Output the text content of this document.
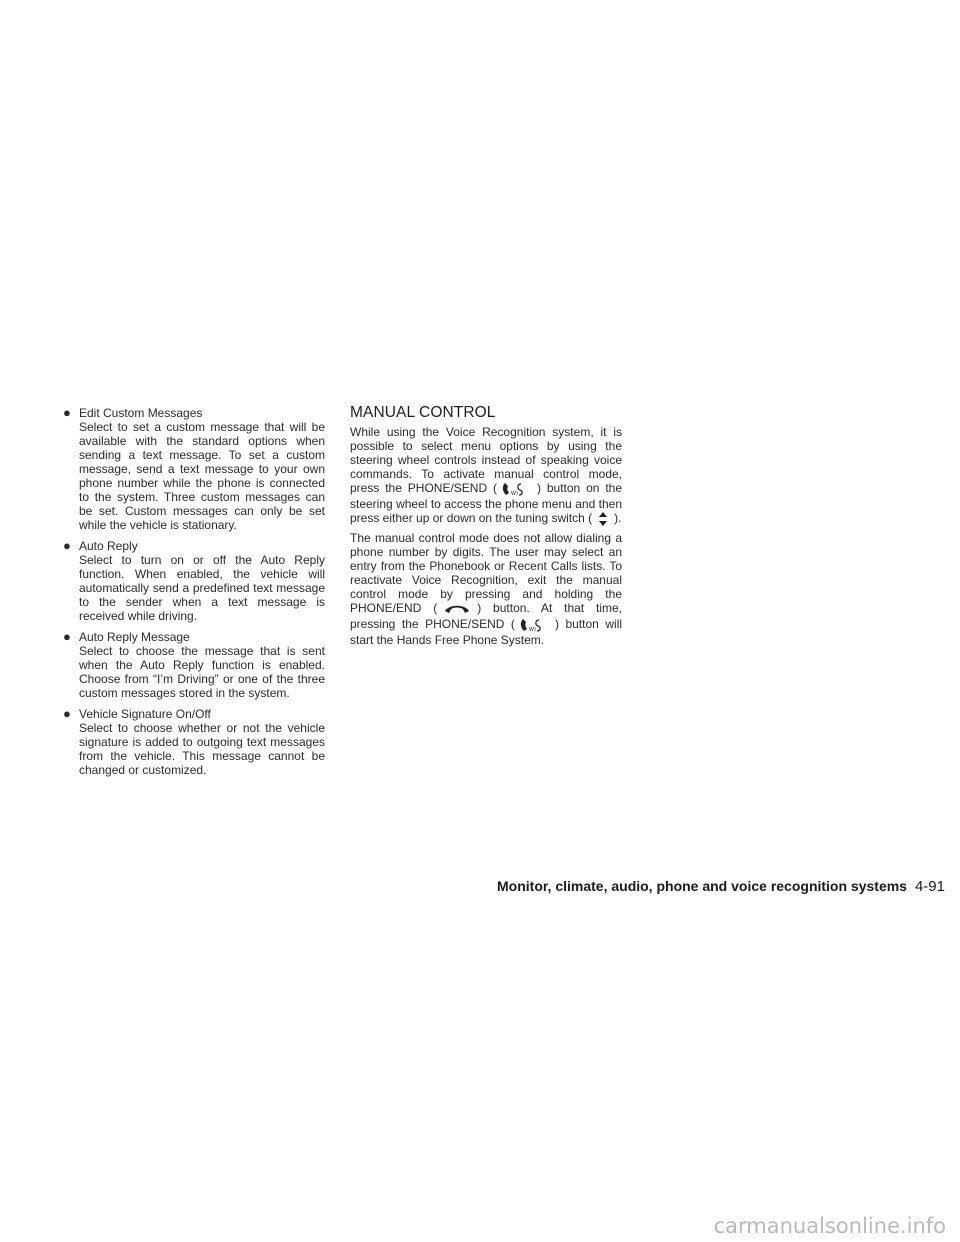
● Edit Custom Messages
Select to set a custom message that will be available with the standard options when sending a text message. To set a custom message, send a text message to your own phone number while the phone is connected to the system. Three custom messages can be set. Custom messages can only be set while the vehicle is stationary.
● Auto Reply
Select to turn on or off the Auto Reply function. When enabled, the vehicle will automatically send a predefined text message to the sender when a text message is received while driving.
● Auto Reply Message
Select to choose the message that is sent when the Auto Reply function is enabled. Choose from “I’m Driving” or one of the three custom messages stored in the system.
● Vehicle Signature On/Off
Select to choose whether or not the vehicle signature is added to outgoing text messages from the vehicle. This message cannot be changed or customized.
MANUAL CONTROL

While using the Voice Recognition system, it is possible to select menu options by using the steering wheel controls instead of speaking voice commands. To activate manual control mode, press the PHONE/SEND (	W) ) button on the steering wheel to access the phone menu and then press either up or down on the tuning switch ( ).

The manual control mode does not allow dialing a phone number by digits. The user may select an entry from the Phonebook or Recent Calls lists. To reactivate Voice Recognition, exit the manual control mode by pressing and holding the PHONE/END (	) button. At that time, pressing the PHONE/SEND (	W) ) button will start the Hands Free Phone System.

Monitor, climate, audio, phone and voice recognition systems 4-91
carmanualsonline.info
